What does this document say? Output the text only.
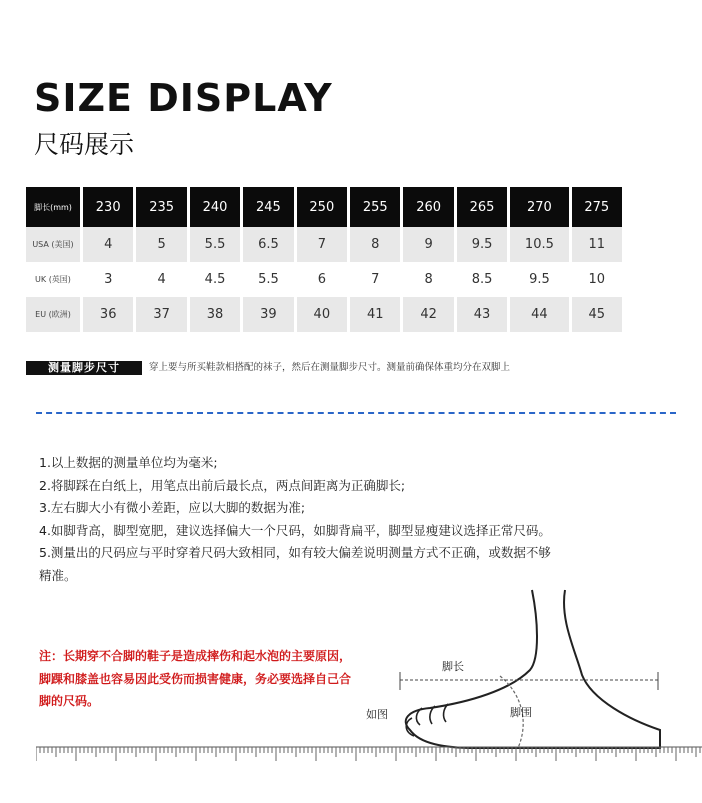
SIZE DISPLAY
尺码展示
脚长(mm)	230	235	240	245	250	255	260	265	270	275
USA (美国)	4	5	5.5	6.5	7	8	9	9.5	10.5	11
UK (英国)	3	4	4.5	5.5	6	7	8	8.5	9.5	10
EU (欧洲)	36	37	38	39	40	41	42	43	44	45
测量脚步尺寸	穿上要与所买鞋款相搭配的袜子，然后在测量脚步尺寸。测量前确保体重均分在双脚上

1.以上数据的测量单位均为毫米;

2.将脚踩在白纸上，用笔点出前后最长点，两点间距离为正确脚长;

3.左右脚大小有微小差距，应以大脚的数据为准;

4.如脚背高，脚型宽肥，建议选择偏大一个尺码，如脚背扁平，脚型显瘦建议选择正常尺码。

5.测量出的尺码应与平时穿着尺码大致相同，如有较大偏差说明测量方式不正确，或数据不够精准。

注：长期穿不合脚的鞋子是造成摔伤和起水泡的主要原因，脚踝和膝盖也容易因此受伤而损害健康，务必要选择自己合脚的尺码。
脚长
脚围
如图
